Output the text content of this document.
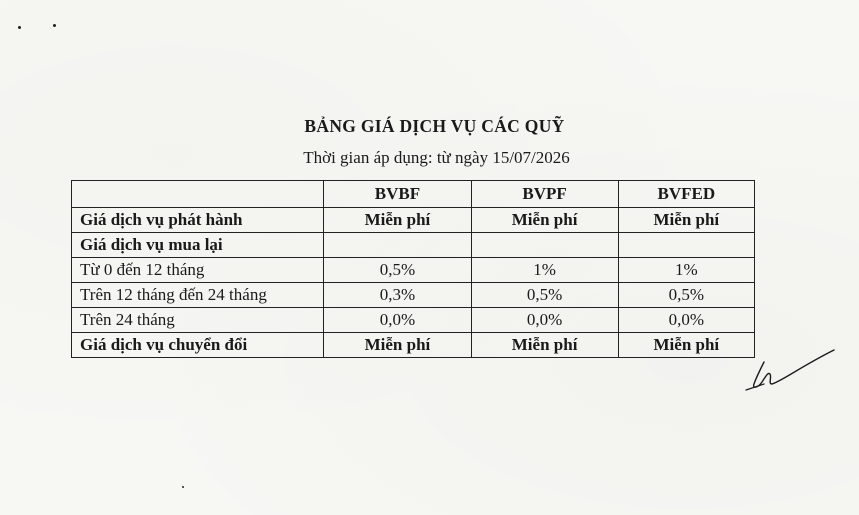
BẢNG GIÁ DỊCH VỤ CÁC QUỸ
Thời gian áp dụng: từ ngày 15/07/2026
	BVBF	BVPF	BVFED
Giá dịch vụ phát hành	Miễn phí	Miễn phí	Miễn phí
Giá dịch vụ mua lại			
Từ 0 đến 12 tháng	0,5%	1%	1%
Trên 12 tháng đến 24 tháng	0,3%	0,5%	0,5%
Trên 24 tháng	0,0%	0,0%	0,0%
Giá dịch vụ chuyển đổi	Miễn phí	Miễn phí	Miễn phí
